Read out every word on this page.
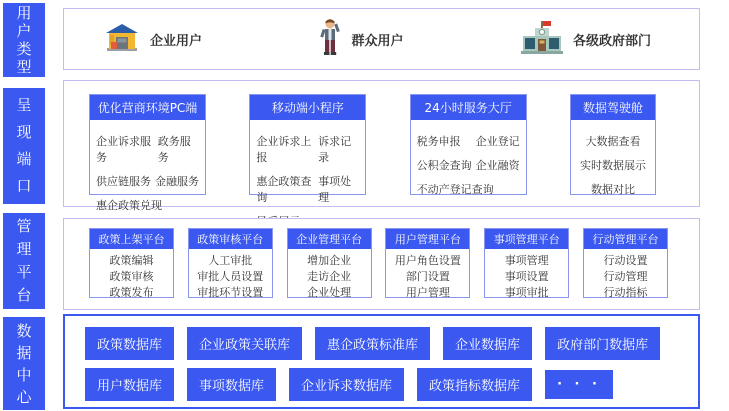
用户类型
呈现端口
管理平台
数据中心
企业用户	群众用户	各级政府部门
优化营商环境PC端
企业诉求服务
政务服务
供应链服务 金融服务
惠企政策兑现
移动端小程序
企业诉求上报
诉求记录
惠企政策查询
事项处理
24小时服务大厅
税务申报 企业登记
公积金查询 企业融资
不动产登记查询
数据驾驶舱
大数据查看
实时数据展示
数据对比
政策上架平台
政策编辑
政策审核
政策发布
政策审核平台
人工审批
审批人员设置
审批环节设置
企业管理平台
增加企业
走访企业
企业处理
用户管理平台
用户角色设置
部门设置
用户管理
事项管理平台
事项管理
事项设置
事项审批
行动管理平台
行动设置
行动管理
行动指标
政策数据库	企业政策关联库	惠企政策标准库	企业数据库	政府部门数据库
用户数据库	事项数据库	企业诉求数据库	政策指标数据库	· · ·
